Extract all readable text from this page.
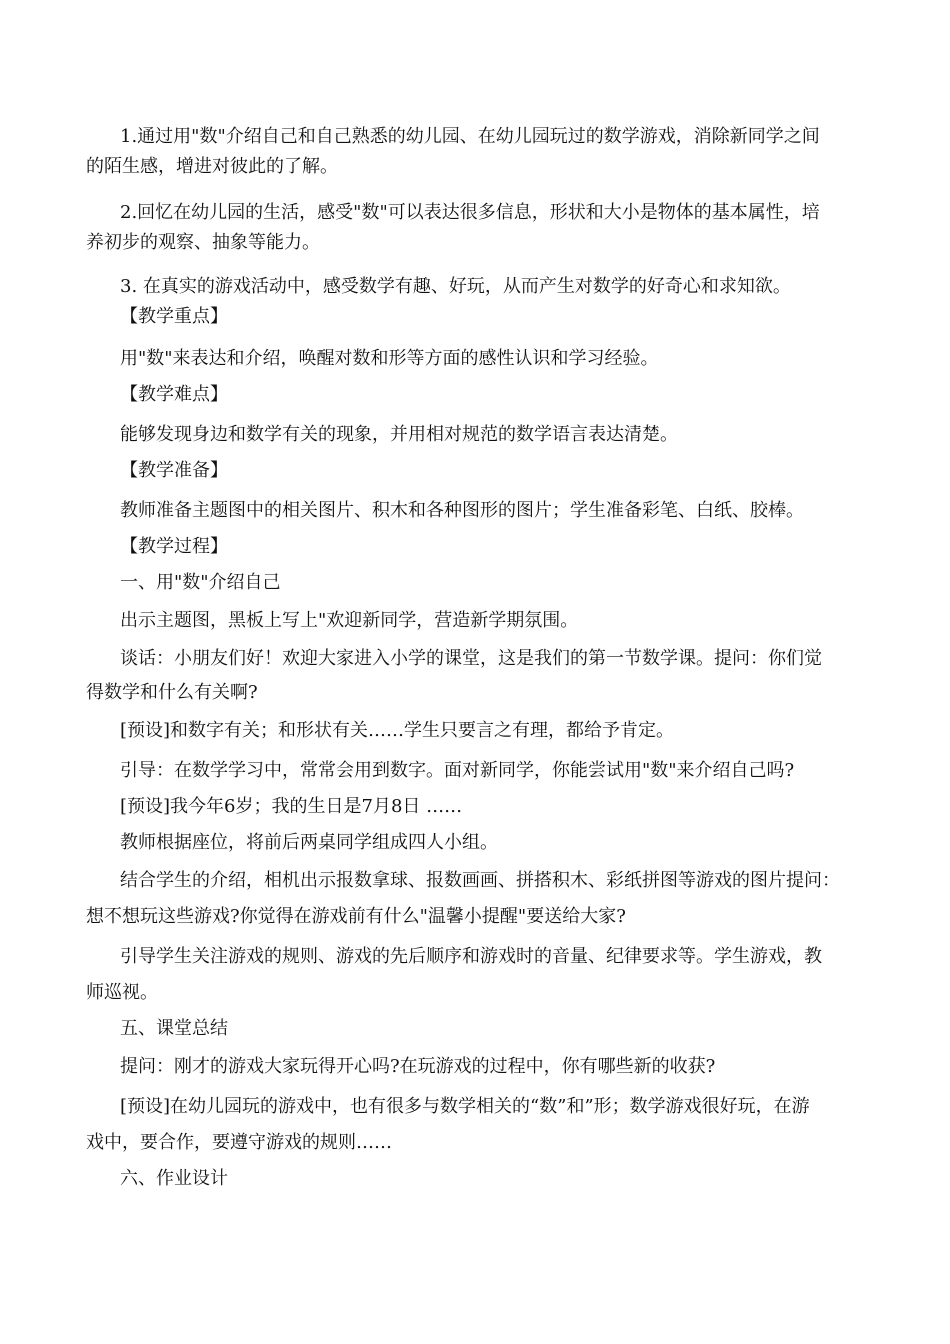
1.通过用"数"介绍自己和自己熟悉的幼儿园、在幼儿园玩过的数学游戏，消除新同学之间
的陌生感，增进对彼此的了解。
2.回忆在幼儿园的生活，感受"数"可以表达很多信息，形状和大小是物体的基本属性，培
养初步的观察、抽象等能力。
3. 在真实的游戏活动中，感受数学有趣、好玩，从而产生对数学的好奇心和求知欲。
【教学重点】
用"数"来表达和介绍，唤醒对数和形等方面的感性认识和学习经验。
【教学难点】
能够发现身边和数学有关的现象，并用相对规范的数学语言表达清楚。
【教学准备】
教师准备主题图中的相关图片、积木和各种图形的图片；学生准备彩笔、白纸、胶棒。
【教学过程】
一、用"数"介绍自己
出示主题图，黑板上写上"欢迎新同学，营造新学期氛围。
谈话：小朋友们好！欢迎大家进入小学的课堂，这是我们的第一节数学课。提问：你们觉
得数学和什么有关啊?
[预设]和数字有关；和形状有关……学生只要言之有理，都给予肯定。
引导：在数学学习中，常常会用到数字。面对新同学，你能尝试用"数"来介绍自己吗?
[预设]我今年6岁；我的生日是7月8日 ……
教师根据座位，将前后两桌同学组成四人小组。
结合学生的介绍，相机出示报数拿球、报数画画、拼搭积木、彩纸拼图等游戏的图片提问：
想不想玩这些游戏?你觉得在游戏前有什么"温馨小提醒"要送给大家?
引导学生关注游戏的规则、游戏的先后顺序和游戏时的音量、纪律要求等。学生游戏，教
师巡视。
五、课堂总结
提问：刚才的游戏大家玩得开心吗?在玩游戏的过程中，你有哪些新的收获?
[预设]在幼儿园玩的游戏中，也有很多与数学相关的“数”和”形；数学游戏很好玩，在游
戏中，要合作，要遵守游戏的规则……
六、作业设计
